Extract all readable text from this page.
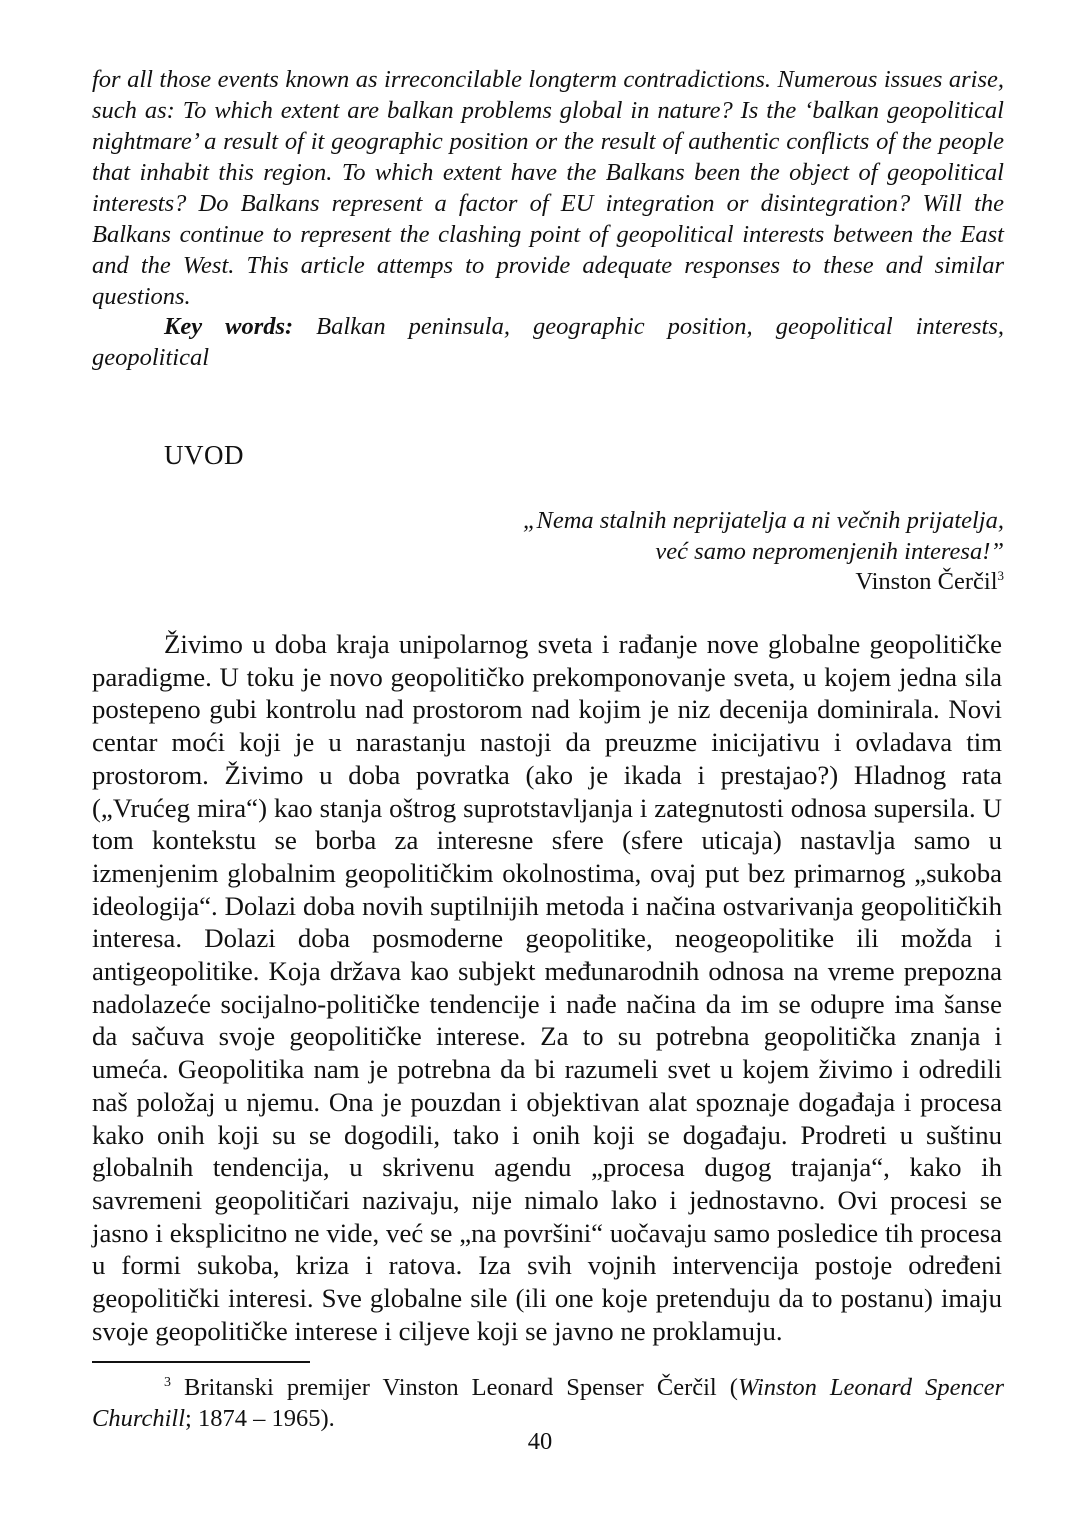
for all those events known as irreconcilable longterm contradictions. Numerous issues arise, such as: To which extent are balkan problems global in nature? Is the ‘balkan geopolitical nightmare’ a result of it geographic position or the result of authentic conflicts of the people that inhabit this region. To which extent have the Balkans been the object of geopolitical interests? Do Balkans represent a factor of EU integration or disintegration? Will the Balkans continue to represent the clashing point of geopolitical interests between the East and the West. This article attemps to provide adequate responses to these and similar questions.

Key words: Balkan peninsula, geographic position, geopolitical interests, geopolitical

UVOD
„Nema stalnih neprijatelja a ni večnih prijatelja,
već samo nepromenjenih interesa!”
Vinston Čerčil$^3$

Živimo u doba kraja unipolarnog sveta i rađanje nove globalne geopolitičke paradigme. U toku je novo geopolitičko prekomponovanje sveta, u kojem jedna sila postepeno gubi kontrolu nad prostorom nad kojim je niz decenija dominirala. Novi centar moći koji je u narastanju nastoji da preuzme inicijativu i ovladava tim prostorom. Živimo u doba povratka (ako je ikada i prestajao?) Hladnog rata („Vrućeg mira“) kao stanja oštrog suprotstavljanja i zategnutosti odnosa supersila. U tom kontekstu se borba za interesne sfere (sfere uticaja) nastavlja samo u izmenjenim globalnim geopolitičkim okolnostima, ovaj put bez primarnog „sukoba ideologija“. Dolazi doba novih suptilnijih metoda i načina ostvarivanja geopolitičkih interesa. Dolazi doba posmoderne geopolitike, neogeopolitike ili možda i antigeopolitike. Koja država kao subjekt međunarodnih odnosa na vreme prepozna nadolazeće socijalno-političke tendencije i nađe načina da im se odupre ima šanse da sačuva svoje geopolitičke interese. Za to su potrebna geopolitička znanja i umeća. Geopolitika nam je potrebna da bi razumeli svet u kojem živimo i odredili naš položaj u njemu. Ona je pouzdan i objektivan alat spoznaje događaja i procesa kako onih koji su se dogodili, tako i onih koji se događaju. Prodreti u suštinu globalnih tendencija, u skrivenu agendu „procesa dugog trajanja“, kako ih savremeni geopolitičari nazivaju, nije nimalo lako i jednostavno. Ovi procesi se jasno i eksplicitno ne vide, već se „na površini“ uočavaju samo posledice tih procesa u formi sukoba, kriza i ratova. Iza svih vojnih intervencija postoje određeni geopolitički interesi. Sve globalne sile (ili one koje pretenduju da to postanu) imaju svoje geopolitičke interese i ciljeve koji se javno ne proklamuju.

$^3$ Britanski premijer Vinston Leonard Spenser Čerčil (Winston Leonard Spencer Churchill; 1874 – 1965).

40
